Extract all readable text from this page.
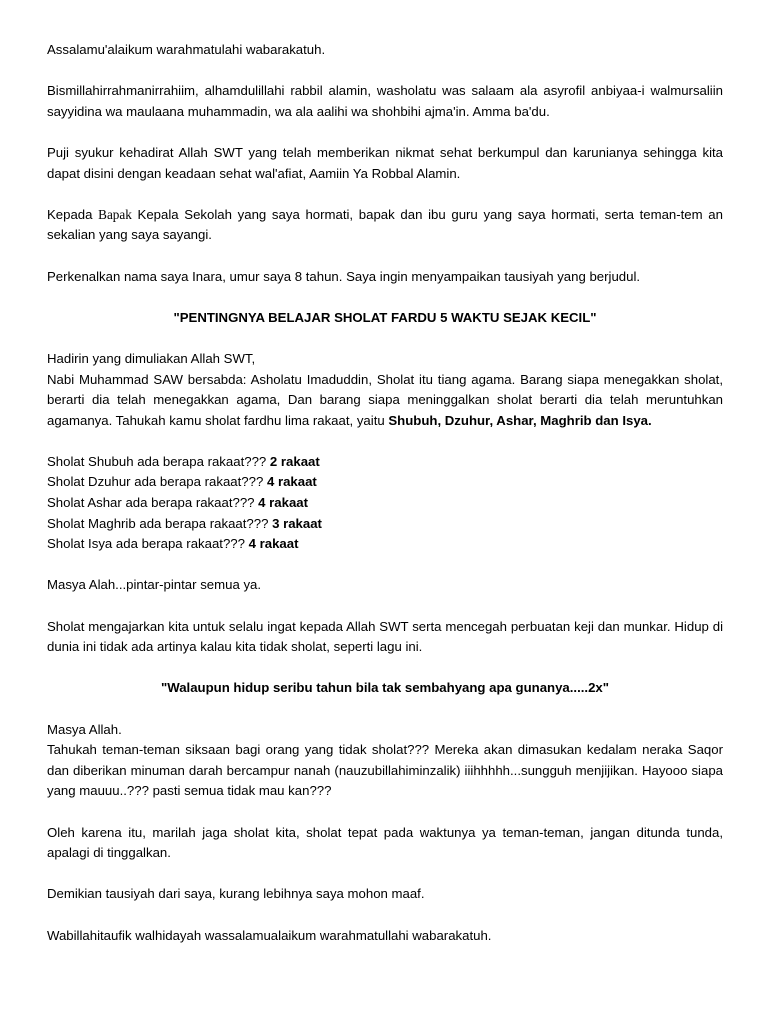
Assalamu'alaikum warahmatulahi wabarakatuh.

Bismillahirrahmanirrahiim, alhamdulillahi rabbil alamin, washolatu was salaam ala asyrofil anbiyaa-i walmursaliin sayyidina wa maulaana muhammadin, wa ala aalihi wa shohbihi ajma'in. Amma ba'du.

Puji syukur kehadirat Allah SWT yang telah memberikan nikmat sehat berkumpul dan karunianya sehingga kita dapat disini dengan keadaan sehat wal'afiat, Aamiin Ya Robbal Alamin.

Kepada Bapak Kepala Sekolah yang saya hormati, bapak dan ibu guru yang saya hormati, serta teman-tem an sekalian yang saya sayangi.

Perkenalkan nama saya Inara, umur saya 8 tahun. Saya ingin menyampaikan tausiyah yang berjudul.

"PENTINGNYA BELAJAR SHOLAT FARDU 5 WAKTU SEJAK KECIL"

Hadirin yang dimuliakan Allah SWT,

Nabi Muhammad SAW bersabda: Asholatu Imaduddin, Sholat itu tiang agama. Barang siapa menegakkan sholat, berarti dia telah menegakkan agama, Dan barang siapa meninggalkan sholat berarti dia telah meruntuhkan agamanya. Tahukah kamu sholat fardhu lima rakaat, yaitu Shubuh, Dzuhur, Ashar, Maghrib dan Isya.

Sholat Shubuh ada berapa rakaat??? 2 rakaat
Sholat Dzuhur ada berapa rakaat??? 4 rakaat
Sholat Ashar ada berapa rakaat??? 4 rakaat
Sholat Maghrib ada berapa rakaat??? 3 rakaat
Sholat Isya ada berapa rakaat??? 4 rakaat

Masya Alah...pintar-pintar semua ya.

Sholat mengajarkan kita untuk selalu ingat kepada Allah SWT serta mencegah perbuatan keji dan munkar. Hidup di dunia ini tidak ada artinya kalau kita tidak sholat, seperti lagu ini.

"Walaupun hidup seribu tahun bila tak sembahyang apa gunanya.....2x"

Masya Allah.

Tahukah teman-teman siksaan bagi orang yang tidak sholat??? Mereka akan dimasukan kedalam neraka Saqor dan diberikan minuman darah bercampur nanah (nauzubillahiminzalik) iiihhhhh...sungguh menjijikan. Hayooo siapa yang mauuu..??? pasti semua tidak mau kan???

Oleh karena itu, marilah jaga sholat kita, sholat tepat pada waktunya ya teman-teman, jangan ditunda tunda, apalagi di tinggalkan.

Demikian tausiyah dari saya, kurang lebihnya saya mohon maaf.

Wabillahitaufik walhidayah wassalamualaikum warahmatullahi wabarakatuh.
